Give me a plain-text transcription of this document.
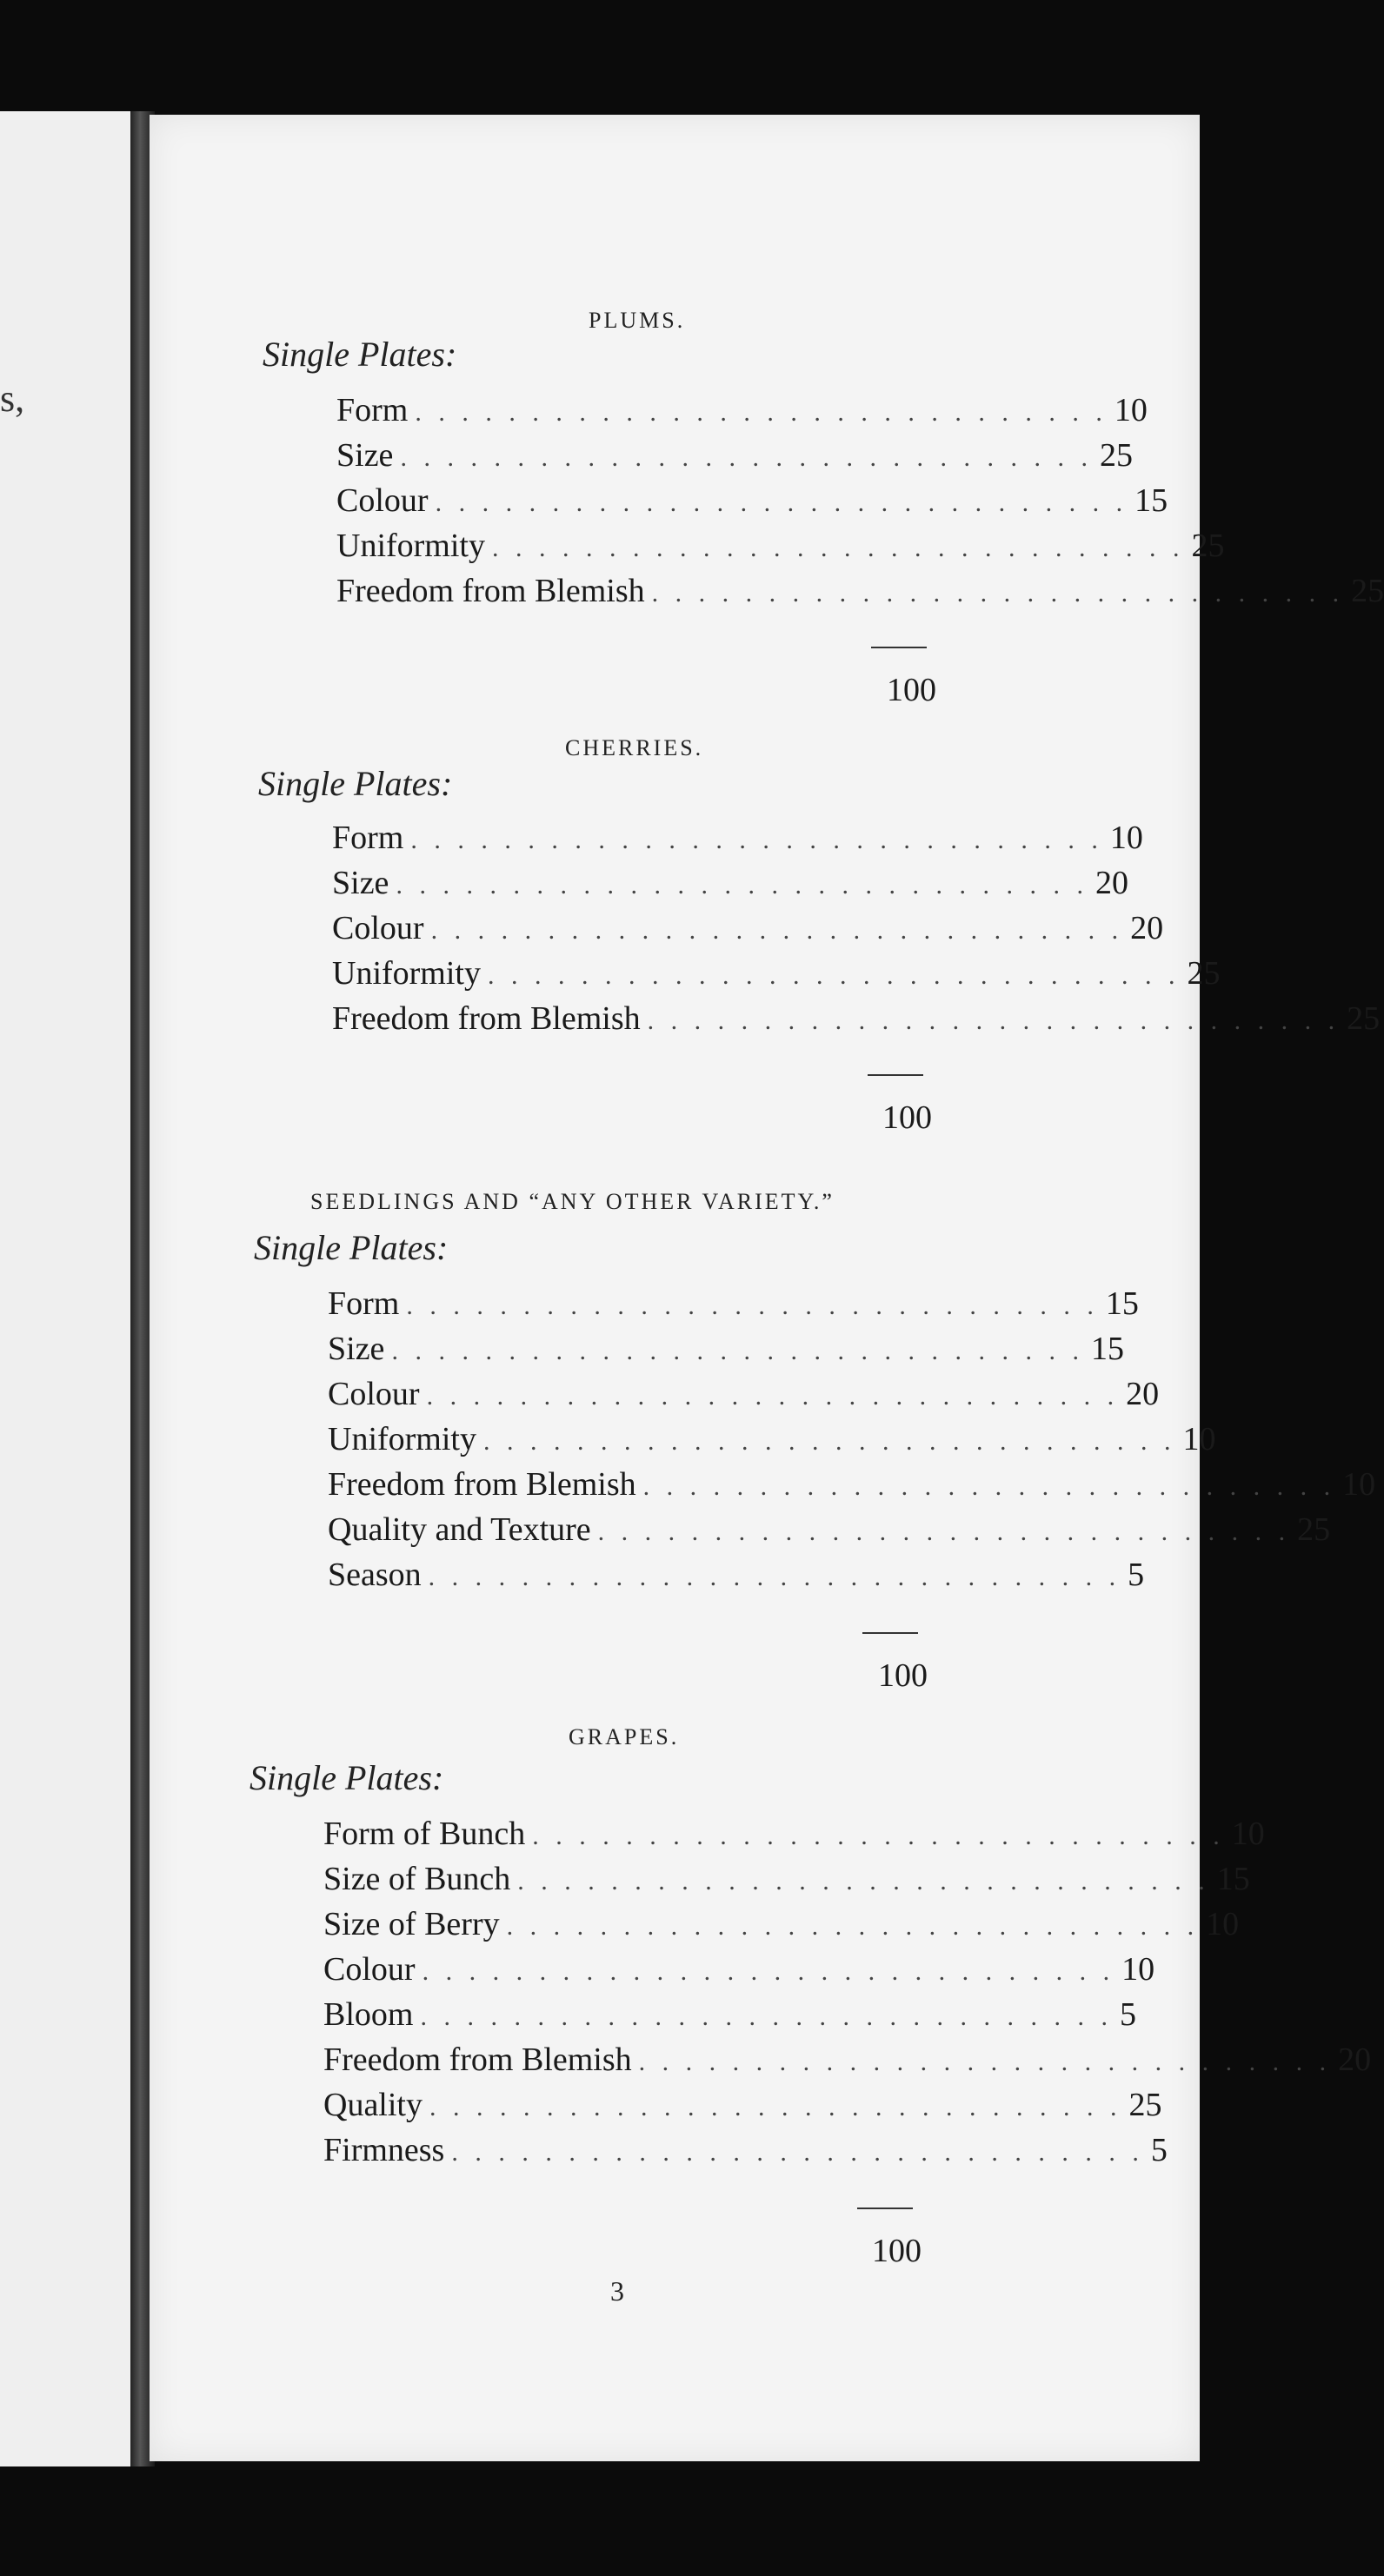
s,
PLUMS.
Single Plates:
Form . . . . . . . . . . . . . . . . . . . . . . . . . . . . . . 10
Size . . . . . . . . . . . . . . . . . . . . . . . . . . . . . . 25
Colour . . . . . . . . . . . . . . . . . . . . . . . . . . . . . . 15
Uniformity . . . . . . . . . . . . . . . . . . . . . . . . . . . . . . 25
Freedom from Blemish . . . . . . . . . . . . . . . . . . . . . . . . . . . . . . 25
100
CHERRIES.
Single Plates:
Form . . . . . . . . . . . . . . . . . . . . . . . . . . . . . . 10
Size . . . . . . . . . . . . . . . . . . . . . . . . . . . . . . 20
Colour . . . . . . . . . . . . . . . . . . . . . . . . . . . . . . 20
Uniformity . . . . . . . . . . . . . . . . . . . . . . . . . . . . . . 25
Freedom from Blemish . . . . . . . . . . . . . . . . . . . . . . . . . . . . . . 25
100
SEEDLINGS AND “ANY OTHER VARIETY.”
Single Plates:
Form . . . . . . . . . . . . . . . . . . . . . . . . . . . . . . 15
Size . . . . . . . . . . . . . . . . . . . . . . . . . . . . . . 15
Colour . . . . . . . . . . . . . . . . . . . . . . . . . . . . . . 20
Uniformity . . . . . . . . . . . . . . . . . . . . . . . . . . . . . . 10
Freedom from Blemish . . . . . . . . . . . . . . . . . . . . . . . . . . . . . . 10
Quality and Texture . . . . . . . . . . . . . . . . . . . . . . . . . . . . . . 25
Season . . . . . . . . . . . . . . . . . . . . . . . . . . . . . . 5
100
GRAPES.
Single Plates:
Form of Bunch . . . . . . . . . . . . . . . . . . . . . . . . . . . . . . 10
Size of Bunch . . . . . . . . . . . . . . . . . . . . . . . . . . . . . . 15
Size of Berry . . . . . . . . . . . . . . . . . . . . . . . . . . . . . . 10
Colour . . . . . . . . . . . . . . . . . . . . . . . . . . . . . . 10
Bloom . . . . . . . . . . . . . . . . . . . . . . . . . . . . . . 5
Freedom from Blemish . . . . . . . . . . . . . . . . . . . . . . . . . . . . . . 20
Quality . . . . . . . . . . . . . . . . . . . . . . . . . . . . . . 25
Firmness . . . . . . . . . . . . . . . . . . . . . . . . . . . . . . 5
100
3
